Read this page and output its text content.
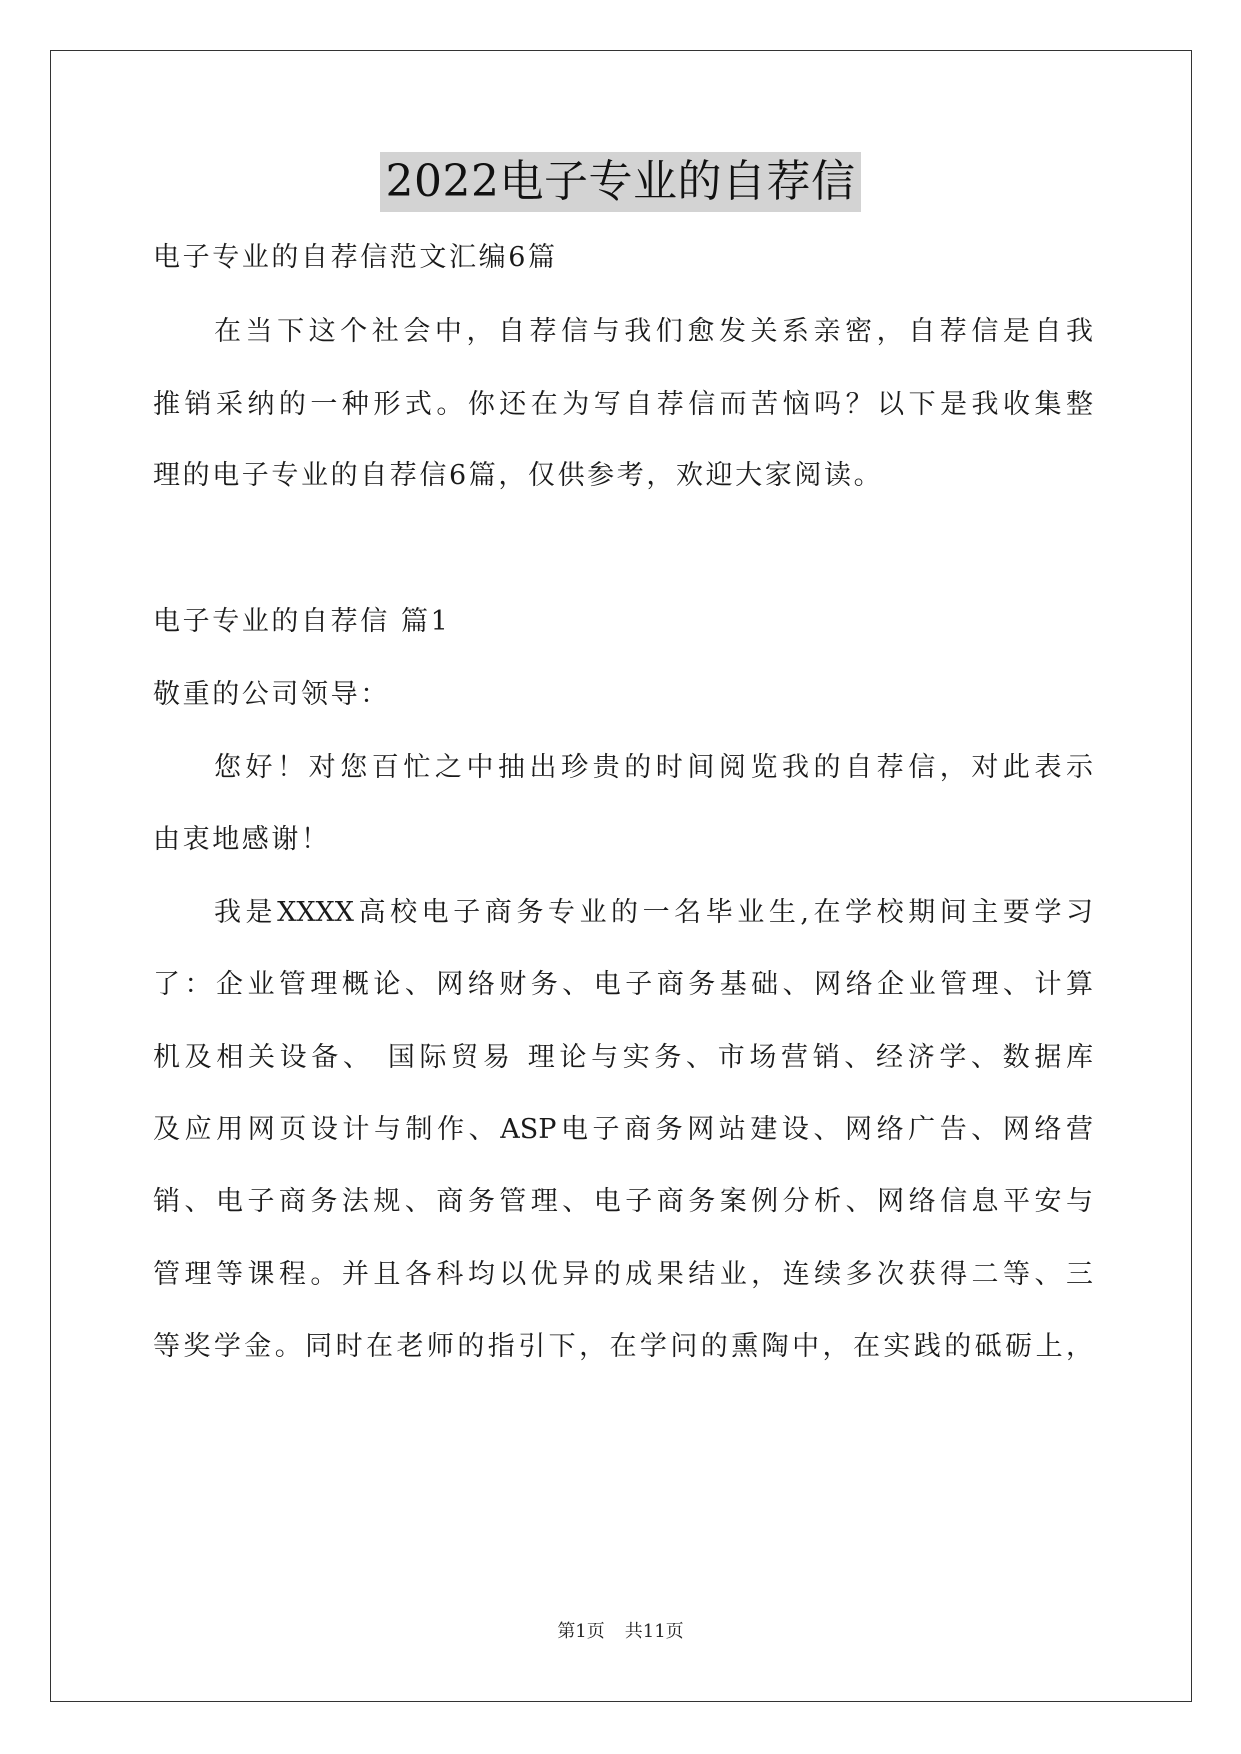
2022电子专业的自荐信
电子专业的自荐信范文汇编6篇
在当下这个社会中，自荐信与我们愈发关系亲密，自荐信是自我
推销采纳的一种形式。你还在为写自荐信而苦恼吗？以下是我收集整
理的电子专业的自荐信6篇，仅供参考，欢迎大家阅读。
电子专业的自荐信 篇1
敬重的公司领导：
您好！对您百忙之中抽出珍贵的时间阅览我的自荐信，对此表示
由衷地感谢！
我是XXXX高校电子商务专业的一名毕业生,在学校期间主要学习
了：企业管理概论、网络财务、电子商务基础、网络企业管理、计算
机及相关设备、 国际贸易 理论与实务、市场营销、经济学、数据库
及应用网页设计与制作、ASP电子商务网站建设、网络广告、网络营
销、电子商务法规、商务管理、电子商务案例分析、网络信息平安与
管理等课程。并且各科均以优异的成果结业，连续多次获得二等、三
等奖学金。同时在老师的指引下，在学问的熏陶中，在实践的砥砺上，
第1页 共11页
